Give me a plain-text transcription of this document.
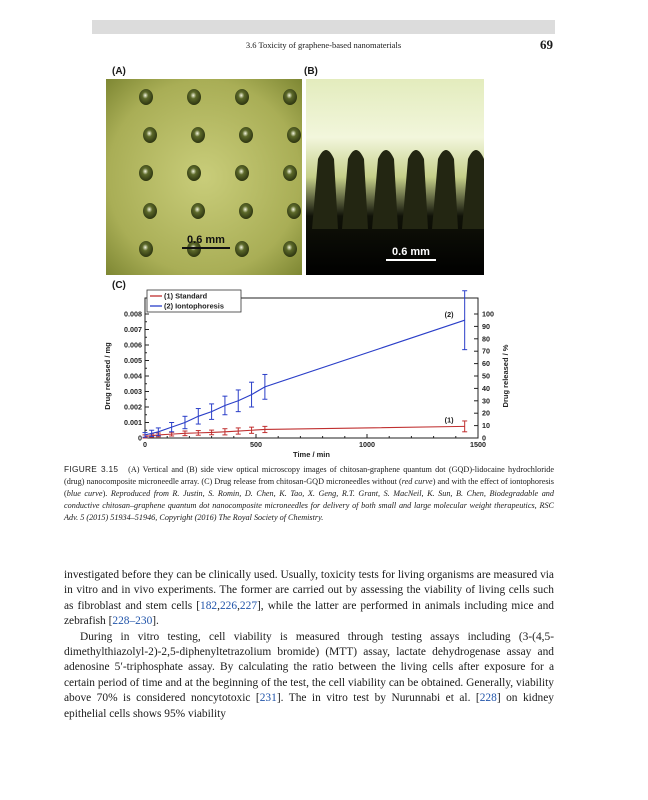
3.6 Toxicity of graphene-based nanomaterials	69
(A)	(B)
0.6 mm
0.6 mm
(C)
0
0.001
0.002
0.003
0.004
0.005
0.006
0.007
0.008
0
10
20
30
40
50
60
70
80
90
100
0	500	1000	1500
Time / min
Drug released / mg	Drug released / %
(1)
(2)
(1) Standard
(2) Iontophoresis
FIGURE 3.15 (A) Vertical and (B) side view optical microscopy images of chitosan-graphene quantum dot (GQD)-lidocaine hydrochloride (drug) nanocomposite microneedle array. (C) Drug release from chitosan-GQD microneedles without (red curve) and with the effect of iontophoresis (blue curve). Reproduced from R. Justin, S. Romin, D. Chen, K. Tao, X. Geng, R.T. Grant, S. MacNeil, K. Sun, B. Chen, Biodegradable and conductive chitosan–graphene quantum dot nanocomposite microneedles for delivery of both small and large molecular weight therapeutics, RSC Adv. 5 (2015) 51934–51946, Copyright (2016) The Royal Society of Chemistry.

investigated before they can be clinically used. Usually, toxicity tests for living organisms are measured via in vitro and in vivo experiments. The former are carried out by assessing the viability of living cells such as fibroblast and stem cells [182,226,227], while the latter are performed in animals including mice and zebrafish [228–230].

During in vitro testing, cell viability is measured through testing assays including (3-(4,5-dimethylthiazolyl-2)-2,5-diphenyltetrazolium bromide) (MTT) assay, lactate dehydrogenase assay and adenosine 5′-triphosphate assay. By calculating the ratio between the living cells after exposure for a certain period of time and at the beginning of the test, the cell viability can be obtained. Generally, viability above 70% is considered noncytotoxic [231]. The in vitro test by Nurunnabi et al. [228] on kidney epithelial cells shows 95% viability
